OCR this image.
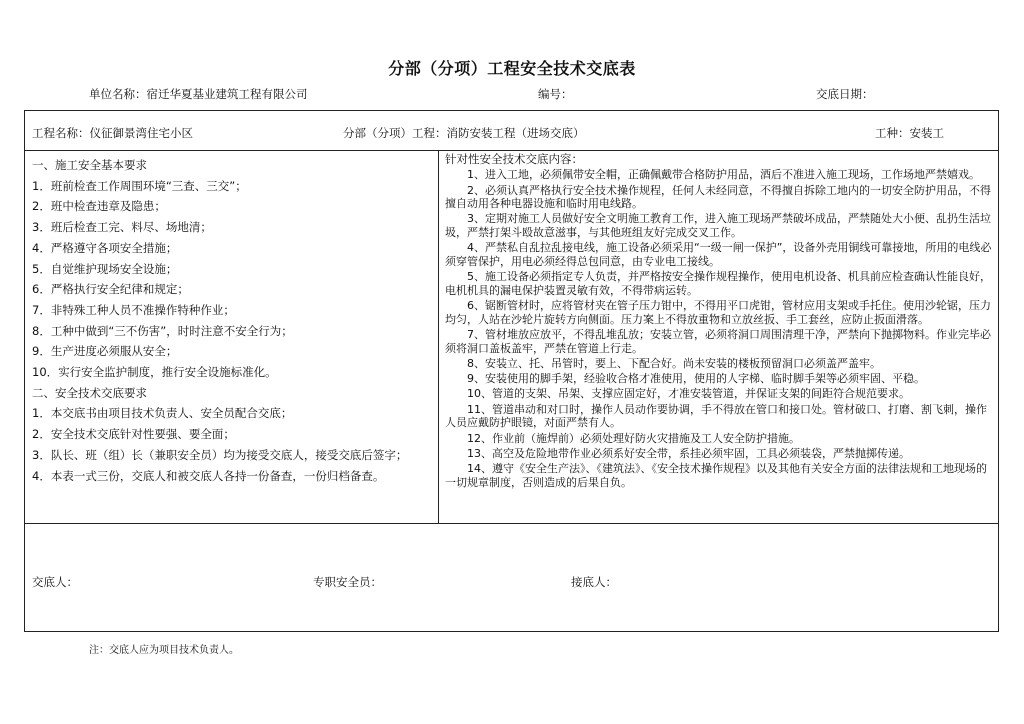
分部（分项）工程安全技术交底表
单位名称：宿迁华夏基业建筑工程有限公司	编号：	交底日期：
工程名称：仪征御景湾住宅小区	分部（分项）工程：消防安装工程（进场交底）	工种：安装工
一、施工安全基本要求
1．班前检查工作周围环境“三查、三交”；
2．班中检查违章及隐患；
3．班后检查工完、料尽、场地清；
4．严格遵守各项安全措施；
5．自觉维护现场安全设施；
6．严格执行安全纪律和规定；
7．非特殊工种人员不准操作特种作业；
8．工种中做到“三不伤害”，时时注意不安全行为；
9．生产进度必须服从安全；
10．实行安全监护制度，推行安全设施标准化。
二、安全技术交底要求
1．本交底书由项目技术负责人、安全员配合交底；
2．安全技术交底针对性要强、要全面；
3．队长、班（组）长（兼职安全员）均为接受交底人，接受交底后签字；
4．本表一式三份，交底人和被交底人各持一份备查，一份归档备查。

针对性安全技术交底内容：

1、进入工地，必须佩带安全帽，正确佩戴带合格防护用品，酒后不准进入施工现场，工作场地严禁嬉戏。

2、必须认真严格执行安全技术操作规程，任何人未经同意，不得擅自拆除工地内的一切安全防护用品，不得擅自动用各种电器设施和临时用电线路。

3、定期对施工人员做好安全文明施工教育工作，进入施工现场严禁破坏成品，严禁随处大小便、乱扔生活垃圾，严禁打架斗殴故意滋事，与其他班组友好完成交叉工作。

4、严禁私自乱拉乱接电线，施工设备必须采用“一级一闸一保护”，设备外壳用铜线可靠接地，所用的电线必须穿管保护，用电必须经得总包同意，由专业电工接线。

5、施工设备必须指定专人负责，并严格按安全操作规程操作，使用电机设备、机具前应检查确认性能良好，电机机具的漏电保护装置灵敏有效，不得带病运转。

6、锯断管材时，应将管材夹在管子压力钳中，不得用平口虎钳，管材应用支架或手托住。使用沙轮锯，压力均匀，人站在沙轮片旋转方向侧面。压力案上不得放重物和立放丝扳、手工套丝，应防止扳面滑落。

7、管材堆放应放平，不得乱堆乱放；安装立管，必须将洞口周围清理干净，严禁向下抛掷物料。作业完毕必须将洞口盖板盖牢，严禁在管道上行走。

8、安装立、托、吊管时，要上、下配合好。尚未安装的楼板预留洞口必须盖严盖牢。

9、安装使用的脚手架，经验收合格才准使用，使用的人字梯、临时脚手架等必须牢固、平稳。

10、管道的支架、吊架、支撑应固定好，才准安装管道，并保证支架的间距符合规范要求。

11、管道串动和对口时，操作人员动作要协调，手不得放在管口和接口处。管材破口、打磨、割飞刺，操作人员应戴防护眼镜，对面严禁有人。

12、作业前（施焊前）必须处理好防火灾措施及工人安全防护措施。

13、高空及危险地带作业必须系好安全带，系挂必须牢固，工具必须装袋，严禁抛掷传递。

14、遵守《安全生产法》、《建筑法》、《安全技术操作规程》以及其他有关安全方面的法律法规和工地现场的一切规章制度，否则造成的后果自负。

交底人：	专职安全员：	接底人：
注：交底人应为项目技术负责人。
